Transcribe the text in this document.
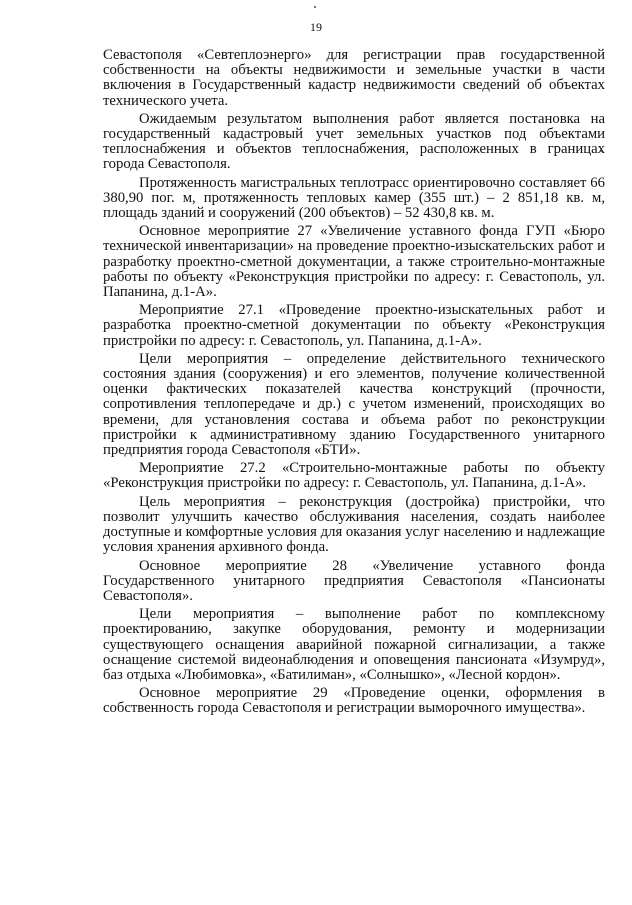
19

Севастополя «Севтеплоэнерго» для регистрации прав государственной собственности на объекты недвижимости и земельные участки в части включения в Государственный кадастр недвижимости сведений об объектах технического учета.

Ожидаемым результатом выполнения работ является постановка на государственный кадастровый учет земельных участков под объектами теплоснабжения и объектов теплоснабжения, расположенных в границах города Севастополя.

Протяженность магистральных теплотрасс ориентировочно составляет 66 380,90 пог. м, протяженность тепловых камер (355 шт.) – 2 851,18 кв. м, площадь зданий и сооружений (200 объектов) – 52 430,8 кв. м.

Основное мероприятие 27 «Увеличение уставного фонда ГУП «Бюро технической инвентаризации» на проведение проектно-изыскательских работ и разработку проектно-сметной документации, а также строительно-монтажные работы по объекту «Реконструкция пристройки по адресу: г. Севастополь, ул. Папанина, д.1-А».

Мероприятие 27.1 «Проведение проектно-изыскательных работ и разработка проектно-сметной документации по объекту «Реконструкция пристройки по адресу: г. Севастополь, ул. Папанина, д.1-А».

Цели мероприятия – определение действительного технического состояния здания (сооружения) и его элементов, получение количественной оценки фактических показателей качества конструкций (прочности, сопротивления теплопередаче и др.) с учетом изменений, происходящих во времени, для установления состава и объема работ по реконструкции пристройки к административному зданию Государственного унитарного предприятия города Севастополя «БТИ».

Мероприятие 27.2 «Строительно-монтажные работы по объекту «Реконструкция пристройки по адресу: г. Севастополь, ул. Папанина, д.1-А».

Цель мероприятия – реконструкция (достройка) пристройки, что позволит улучшить качество обслуживания населения, создать наиболее доступные и комфортные условия для оказания услуг населению и надлежащие условия хранения архивного фонда.

Основное мероприятие 28 «Увеличение уставного фонда Государственного унитарного предприятия Севастополя «Пансионаты Севастополя».

Цели мероприятия – выполнение работ по комплексному проектированию, закупке оборудования, ремонту и модернизации существующего оснащения аварийной пожарной сигнализации, а также оснащение системой видеонаблюдения и оповещения пансионата «Изумруд», баз отдыха «Любимовка», «Батилиман», «Солнышко», «Лесной кордон».

Основное мероприятие 29 «Проведение оценки, оформления в собственность города Севастополя и регистрации выморочного имущества».
